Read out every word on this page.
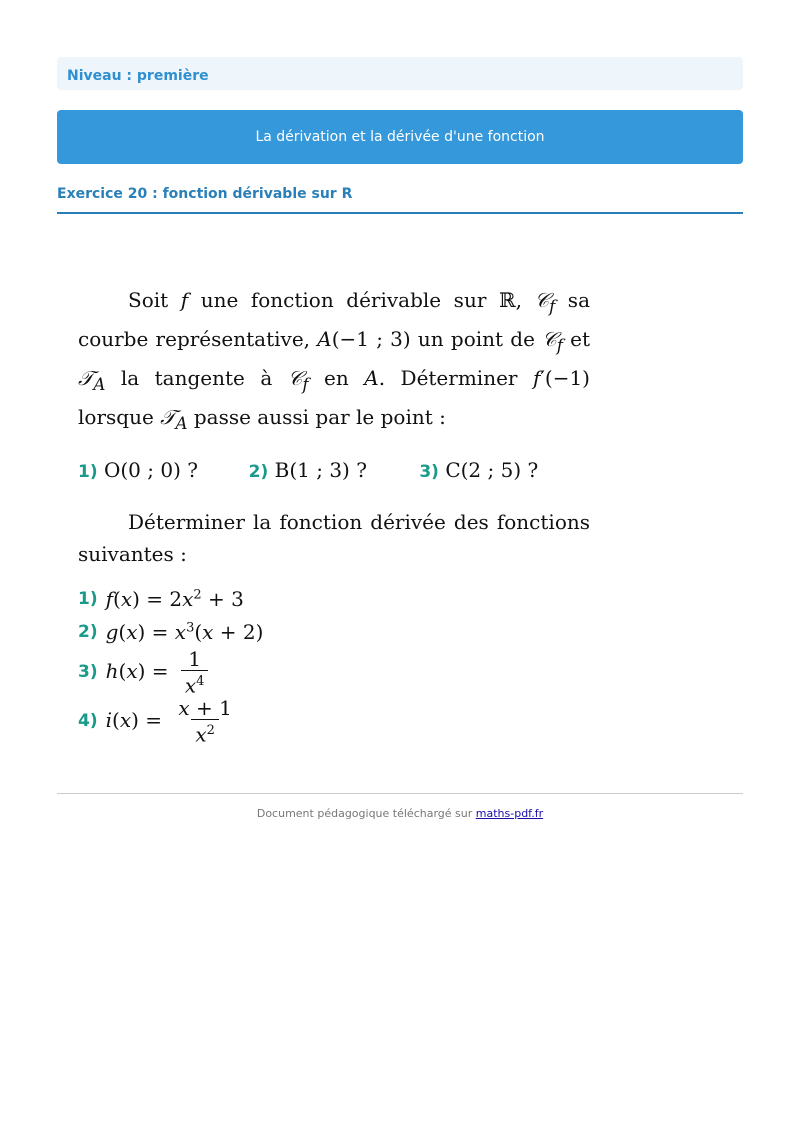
Niveau : première
La dérivation et la dérivée d'une fonction
Exercice 20 : fonction dérivable sur R

Soit f une fonction dérivable sur ℝ, 𝒞$_f$ sa courbe représentative, A(−1 ; 3) un point de 𝒞$_f$ et 𝒯$_A$ la tangente à 𝒞$_f$ en A. Déterminer f′(−1) lorsque 𝒯$_A$ passe aussi par le point :

1) O(0 ; 0) ?	2) B(1 ; 3) ?	3) C(2 ; 5) ?

Déterminer la fonction dérivée des fonctions suivantes :

1) $f(x) = 2x^2 + 3$
2) $g(x) = x^3(x + 2)$
3) $h(x) = \frac{1}{x^4}$
4) $i(x) = \frac{x + 1}{x^2}$
Document pédagogique téléchargé sur maths-pdf.fr
